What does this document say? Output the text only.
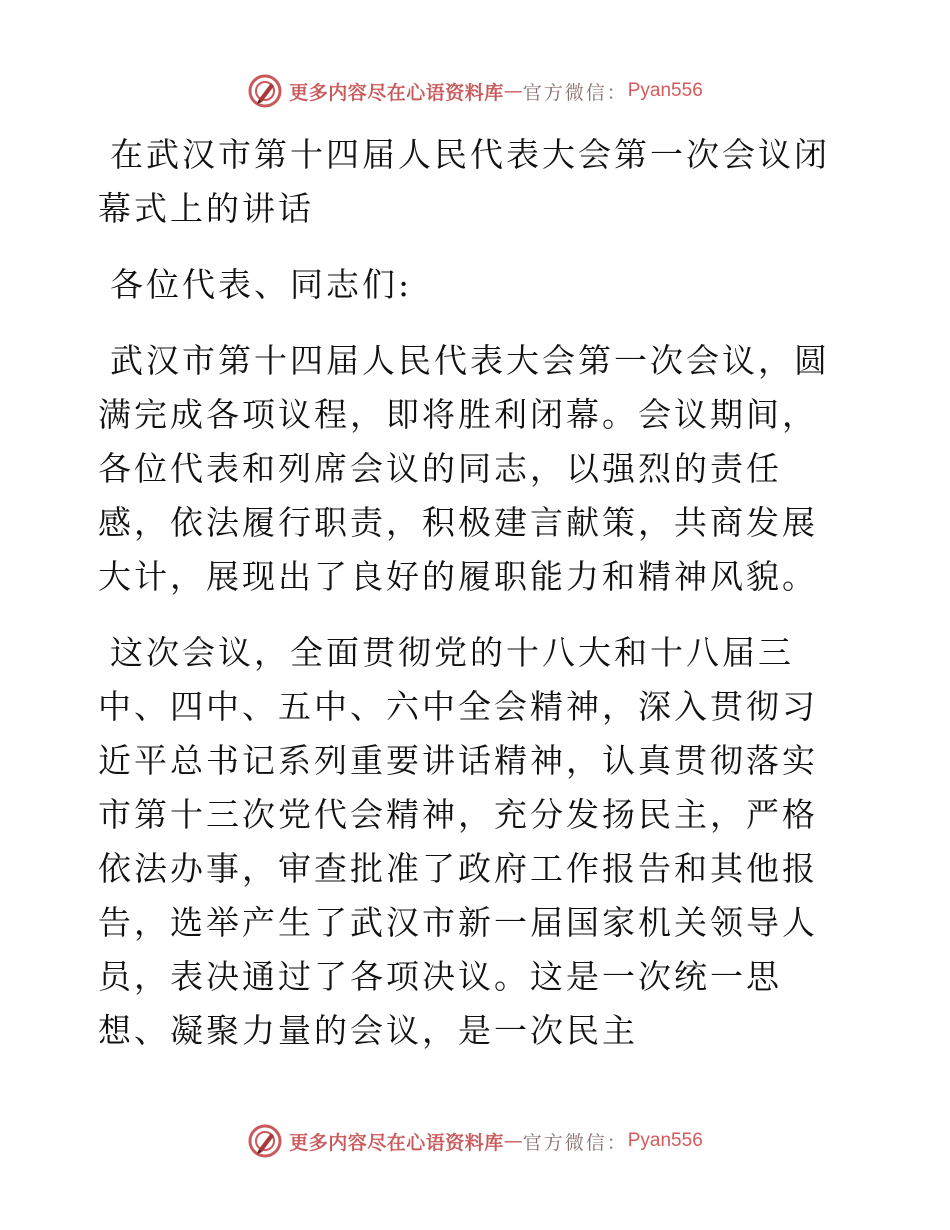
更多内容尽在心语资料库 — 官方微信： Pyan556

在武汉市第十四届人民代表大会第一次会议闭幕式上的讲话

各位代表、同志们:

武汉市第十四届人民代表大会第一次会议，圆满完成各项议程，即将胜利闭幕。会议期间，各位代表和列席会议的同志，以强烈的责任感，依法履行职责，积极建言献策，共商发展大计，展现出了良好的履职能力和精神风貌。

这次会议，全面贯彻党的十八大和十八届三中、四中、五中、六中全会精神，深入贯彻习近平总书记系列重要讲话精神，认真贯彻落实市第十三次党代会精神，充分发扬民主，严格依法办事，审查批准了政府工作报告和其他报告，选举产生了武汉市新一届国家机关领导人员，表决通过了各项决议。这是一次统一思想、凝聚力量的会议，是一次民主

更多内容尽在心语资料库 — 官方微信： Pyan556
